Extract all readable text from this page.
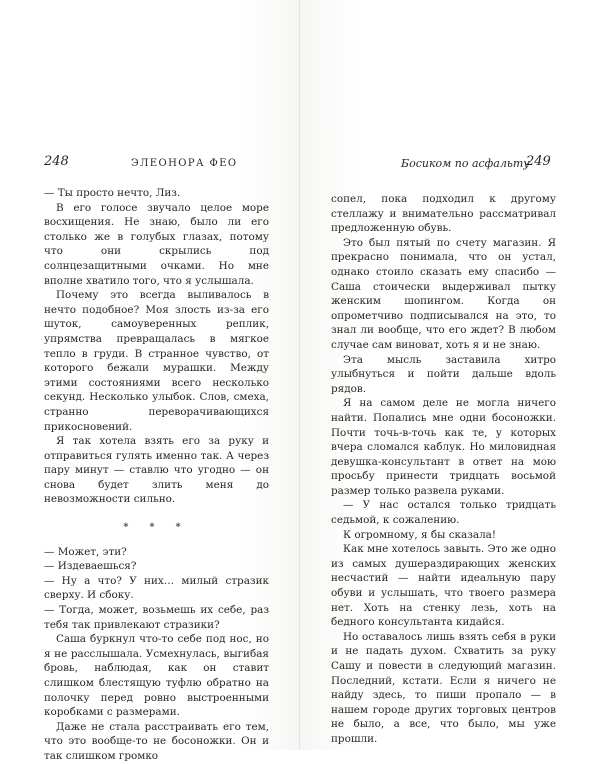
248	ЭЛЕОНОРА ФЕО

— Ты просто нечто, Лиз.

В его голосе звучало целое море восхищения. Не знаю, было ли его столько же в голубых глазах, потому что они скрылись под солнцезащитными очками. Но мне вполне хватило того, что я услышала.

Почему это всегда выливалось в нечто подобное? Моя злость из-за его шуток, самоуверенных реплик, упрямства превращалась в мягкое тепло в груди. В странное чувство, от которого бежали мурашки. Между этими состояниями всего несколько секунд. Несколько улыбок. Слов, смеха, странно переворачивающихся прикосновений.

Я так хотела взять его за руку и отправиться гулять именно так. А через пару минут — ставлю что угодно — он снова будет злить меня до невозможности сильно.

* * *

— Может, эти?

— Издеваешься?

— Ну а что? У них… милый стразик сверху. И сбоку.

— Тогда, может, возьмешь их себе, раз тебя так привлекают стразики?

Саша буркнул что-то себе под нос, но я не расслышала. Усмехнулась, выгибая бровь, наблюдая, как он ставит слишком блестящую туфлю обратно на полочку перед ровно выстроенными коробками с размерами.

Даже не стала расстраивать его тем, что это вообще-то не босоножки. Он и так слишком громко

Босиком по асфальту
249

сопел, пока подходил к другому стеллажу и внимательно рассматривал предложенную обувь.

Это был пятый по счету магазин. Я прекрасно понимала, что он устал, однако стоило сказать ему спасибо — Саша стоически выдерживал пытку женским шопингом. Когда он опрометчиво подписывался на это, то знал ли вообще, что его ждет? В любом случае сам виноват, хоть я и не знаю.

Эта мысль заставила хитро улыбнуться и пойти дальше вдоль рядов.

Я на самом деле не могла ничего найти. Попались мне одни босоножки. Почти точь-в-точь как те, у которых вчера сломался каблук. Но миловидная девушка-консультант в ответ на мою просьбу принести тридцать восьмой размер только развела руками.

— У нас остался только тридцать седьмой, к сожалению.

К огромному, я бы сказала!

Как мне хотелось завыть. Это же одно из самых душераздирающих женских несчастий — найти идеальную пару обуви и услышать, что твоего размера нет. Хоть на стенку лезь, хоть на бедного консультанта кидайся.

Но оставалось лишь взять себя в руки и не падать духом. Схватить за руку Сашу и повести в следующий магазин. Последний, кстати. Если я ничего не найду здесь, то пиши пропало — в нашем городе других торговых центров не было, а все, что было, мы уже прошли.
